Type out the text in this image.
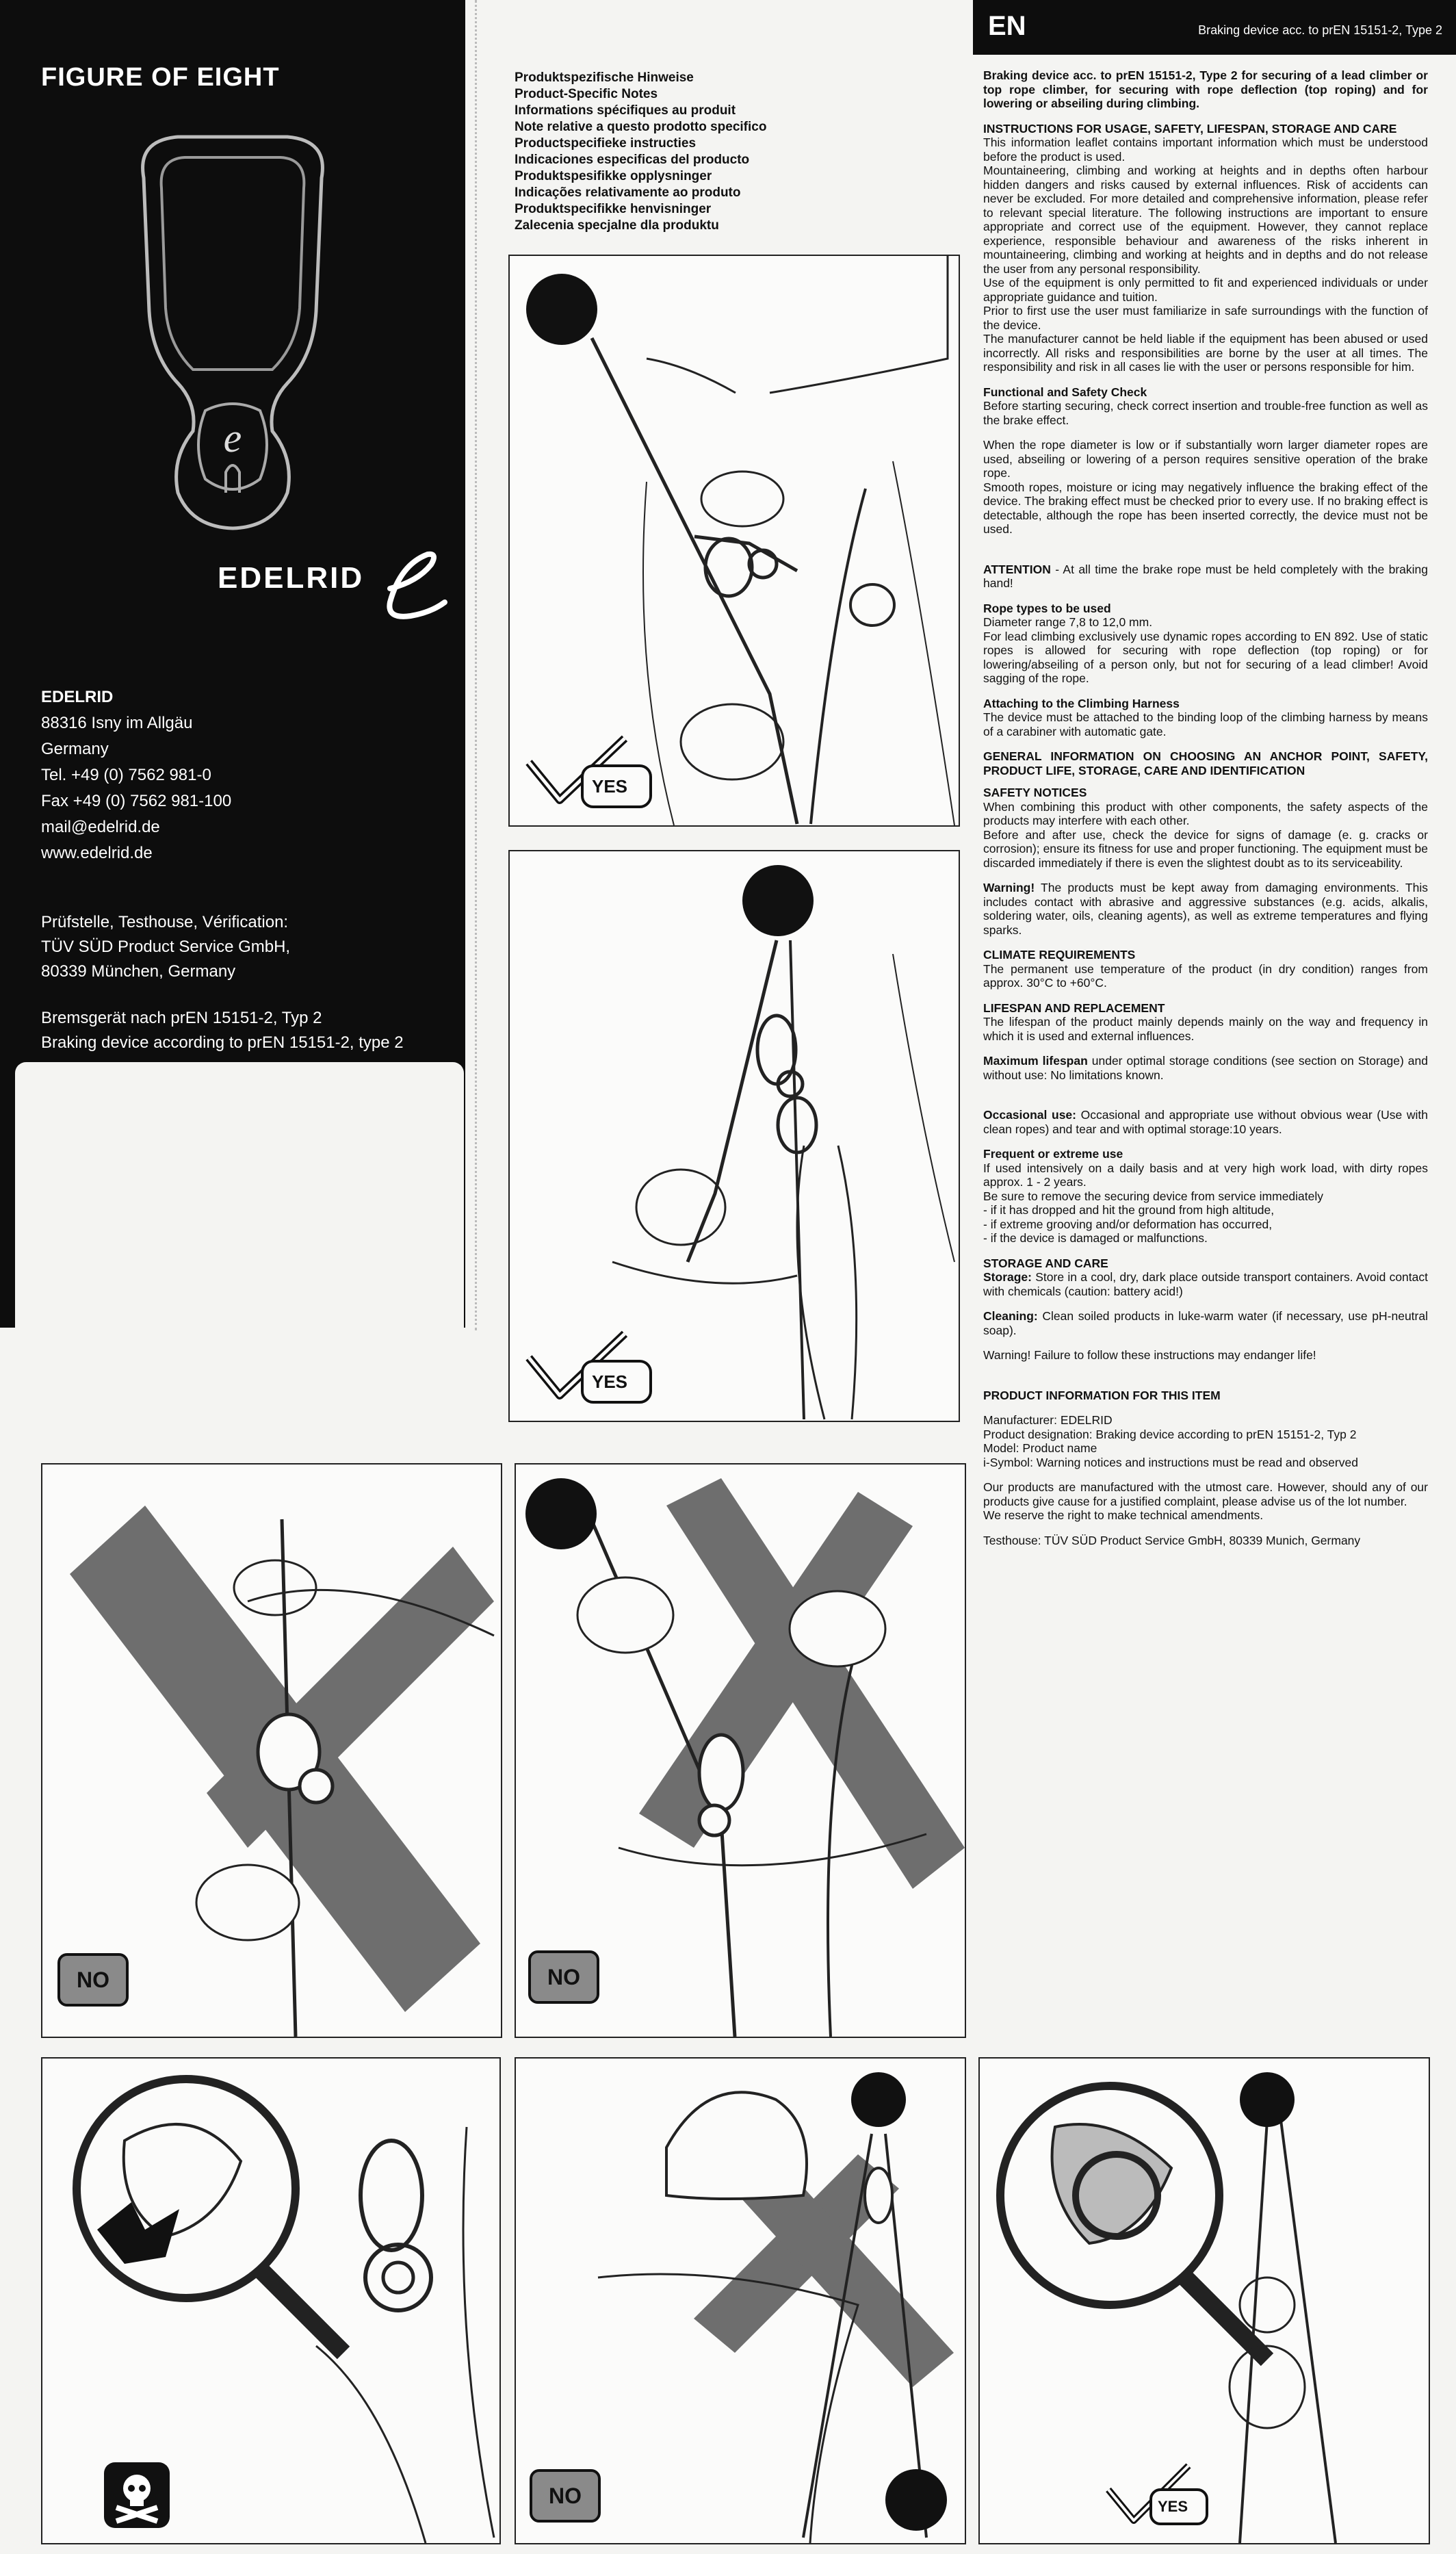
FIGURE OF EIGHT
e
EDELRID
EDELRID
88316 Isny im Allgäu
Germany
Tel. +49 (0) 7562 981-0
Fax +49 (0) 7562 981-100
mail@edelrid.de
www.edelrid.de
Prüfstelle, Testhouse, Vérification:
TÜV SÜD Product Service GmbH,
80339 München, Germany
Bremsgerät nach prEN 15151-2, Typ 2
Braking device according to prEN 15151-2, type 2
Produktspezifische Hinweise
Product-Specific Notes
Informations spécifiques au produit
Note relative a questo prodotto specifico
Productspecifieke instructies
Indicaciones especificas del producto
Produktspesifikke opplysninger
Indicações relativamente ao produto
Produktspecifikke henvisninger
Zalecenia specjalne dla produktu
EN	Braking device acc. to prEN 15151-2, Type 2

Braking device acc. to prEN 15151-2, Type 2 for securing of a lead climber or top rope climber, for securing with rope deflection (top roping) and for lowering or abseiling during climbing.

INSTRUCTIONS FOR USAGE, SAFETY, LIFESPAN, STORAGE AND CARE

This information leaflet contains important information which must be understood before the product is used.

Mountaineering, climbing and working at heights and in depths often harbour hidden dangers and risks caused by external influences. Risk of accidents can never be excluded. For more detailed and comprehensive information, please refer to relevant special literature. The following instructions are important to ensure appropriate and correct use of the equipment. However, they cannot replace experience, responsible behaviour and awareness of the risks inherent in mountaineering, climbing and working at heights and in depths and do not release the user from any personal responsibility.

Use of the equipment is only permitted to fit and experienced individuals or under appropriate guidance and tuition.

Prior to first use the user must familiarize in safe surroundings with the function of the device.

The manufacturer cannot be held liable if the equipment has been abused or used incorrectly. All risks and responsibilities are borne by the user at all times. The responsibility and risk in all cases lie with the user or persons responsible for him.

Functional and Safety Check

Before starting securing, check correct insertion and trouble-free function as well as the brake effect.

When the rope diameter is low or if substantially worn larger diameter ropes are used, abseiling or lowering of a person requires sensitive operation of the brake rope.

Smooth ropes, moisture or icing may negatively influence the braking effect of the device. The braking effect must be checked prior to every use. If no braking effect is detectable, although the rope has been inserted correctly, the device must not be used.

ATTENTION - At all time the brake rope must be held completely with the braking hand!

Rope types to be used

Diameter range 7,8 to 12,0 mm.

For lead climbing exclusively use dynamic ropes according to EN 892. Use of static ropes is allowed for securing with rope deflection (top roping) or for lowering/abseiling of a person only, but not for securing of a lead climber! Avoid sagging of the rope.

Attaching to the Climbing Harness

The device must be attached to the binding loop of the climbing harness by means of a carabiner with automatic gate.

GENERAL INFORMATION ON CHOOSING AN ANCHOR POINT, SAFETY, PRODUCT LIFE, STORAGE, CARE AND IDENTIFICATION

SAFETY NOTICES

When combining this product with other components, the safety aspects of the products may interfere with each other.

Before and after use, check the device for signs of damage (e. g. cracks or corrosion); ensure its fitness for use and proper functioning. The equipment must be discarded immediately if there is even the slightest doubt as to its serviceability.

Warning! The products must be kept away from damaging environments. This includes contact with abrasive and aggressive substances (e.g. acids, alkalis, soldering water, oils, cleaning agents), as well as extreme temperatures and flying sparks.

CLIMATE REQUIREMENTS

The permanent use temperature of the product (in dry condition) ranges from approx. 30°C to +60°C.

LIFESPAN AND REPLACEMENT

The lifespan of the product mainly depends mainly on the way and frequency in which it is used and external influences.

Maximum lifespan under optimal storage conditions (see section on Storage) and without use: No limitations known.

Occasional use: Occasional and appropriate use without obvious wear (Use with clean ropes) and tear and with optimal storage:10 years.

Frequent or extreme use

If used intensively on a daily basis and at very high work load, with dirty ropes approx. 1 - 2 years.

Be sure to remove the securing device from service immediately

- if it has dropped and hit the ground from high altitude,

- if extreme grooving and/or deformation has occurred,

- if the device is damaged or malfunctions.

STORAGE AND CARE

Storage: Store in a cool, dry, dark place outside transport containers. Avoid contact with chemicals (caution: battery acid!)

Cleaning: Clean soiled products in luke-warm water (if necessary, use pH-neutral soap).

Warning! Failure to follow these instructions may endanger life!

PRODUCT INFORMATION FOR THIS ITEM

Manufacturer: EDELRID

Product designation: Braking device according to prEN 15151-2, Typ 2

Model: Product name

i-Symbol: Warning notices and instructions must be read and observed

Our products are manufactured with the utmost care. However, should any of our products give cause for a justified complaint, please advise us of the lot number.

We reserve the right to make technical amendments.

Testhouse: TÜV SÜD Product Service GmbH, 80339 Munich, Germany

YES
YES
NO	NO
NO	YES
